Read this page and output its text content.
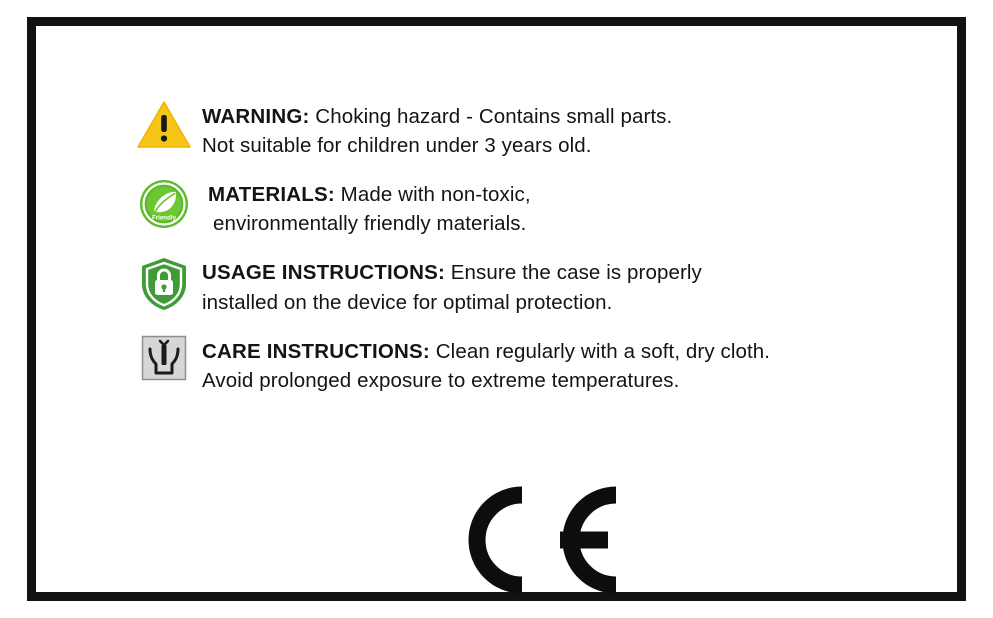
WARNING: Choking hazard - Contains small parts.
Not suitable for children under 3 years old.
Friendly
MATERIALS: Made with non-toxic,
environmentally friendly materials.
USAGE INSTRUCTIONS: Ensure the case is properly
installed on the device for optimal protection.
CARE INSTRUCTIONS: Clean regularly with a soft, dry cloth.
Avoid prolonged exposure to extreme temperatures.
